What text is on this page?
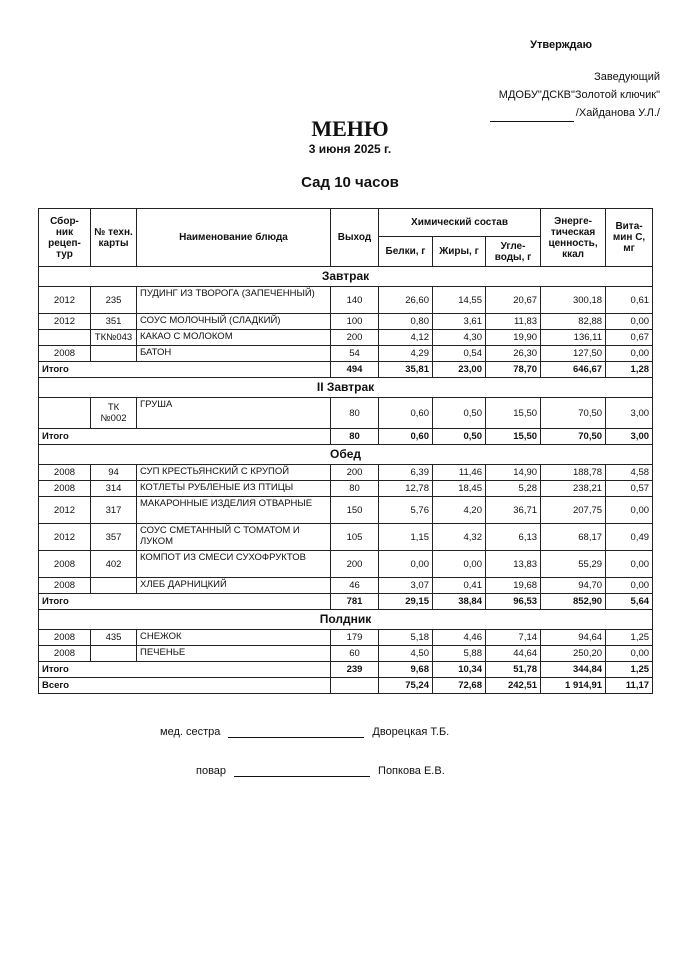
Утверждаю
Заведующий
МДОБУ"ДСКВ"Золотой ключик"
/Хайданова У.Л./
МЕНЮ
3 июня 2025 г.
Сад 10 часов
Сбор-ник рецеп-тур	№ техн. карты	Наименование блюда	Выход	Химический состав			Энерге-тическая ценность, ккал	Вита-мин С, мг
				Белки, г	Жиры, г	Угле-воды, г		
Завтрак								
2012	235	ПУДИНГ ИЗ ТВОРОГА (ЗАПЕЧЕННЫЙ)	140	26,60	14,55	20,67	300,18	0,61
2012	351	СОУС МОЛОЧНЫЙ (СЛАДКИЙ)	100	0,80	3,61	11,83	82,88	0,00
	ТК№043	КАКАО С МОЛОКОМ	200	4,12	4,30	19,90	136,11	0,67
2008		БАТОН	54	4,29	0,54	26,30	127,50	0,00
Итого			494	35,81	23,00	78,70	646,67	1,28
II Завтрак								
	ТК №002	ГРУША	80	0,60	0,50	15,50	70,50	3,00
Итого			80	0,60	0,50	15,50	70,50	3,00
Обед								
2008	94	СУП КРЕСТЬЯНСКИЙ С КРУПОЙ	200	6,39	11,46	14,90	188,78	4,58
2008	314	КОТЛЕТЫ РУБЛЕНЫЕ ИЗ ПТИЦЫ	80	12,78	18,45	5,28	238,21	0,57
2012	317	МАКАРОННЫЕ ИЗДЕЛИЯ ОТВАРНЫЕ	150	5,76	4,20	36,71	207,75	0,00
2012	357	СОУС СМЕТАННЫЙ С ТОМАТОМ И ЛУКОМ	105	1,15	4,32	6,13	68,17	0,49
2008	402	КОМПОТ ИЗ СМЕСИ СУХОФРУКТОВ	200	0,00	0,00	13,83	55,29	0,00
2008		ХЛЕБ ДАРНИЦКИЙ	46	3,07	0,41	19,68	94,70	0,00
Итого			781	29,15	38,84	96,53	852,90	5,64
Полдник								
2008	435	СНЕЖОК	179	5,18	4,46	7,14	94,64	1,25
2008		ПЕЧЕНЬЕ	60	4,50	5,88	44,64	250,20	0,00
Итого			239	9,68	10,34	51,78	344,84	1,25
Всего				75,24	72,68	242,51	1 914,91	11,17
мед. сестра	Дворецкая Т.Б.
повар	Попкова Е.В.
